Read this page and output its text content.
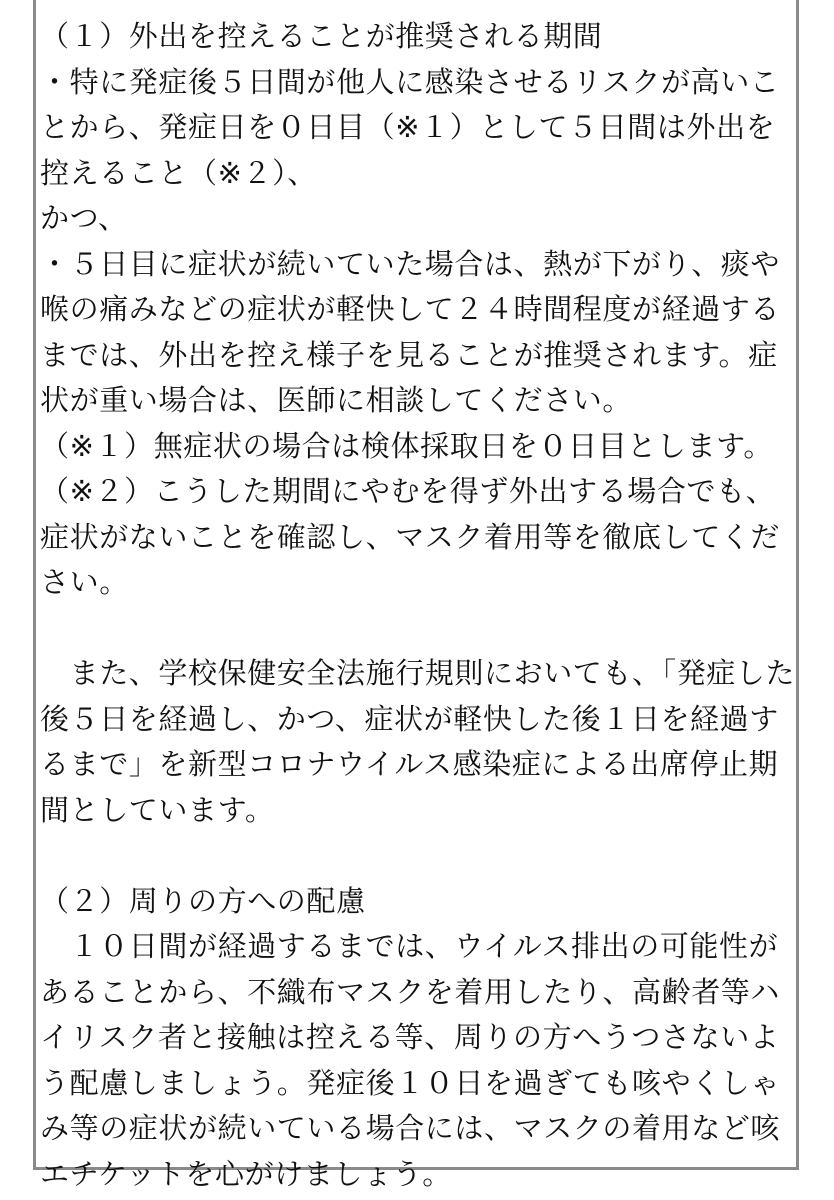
（１）外出を控えることが推奨される期間
・特に発症後５日間が他人に感染させるリスクが高いこ
とから、発症日を０日目（※１）として５日間は外出を
控えること（※２）、
かつ、
・５日目に症状が続いていた場合は、熱が下がり、痰や
喉の痛みなどの症状が軽快して２４時間程度が経過する
までは、外出を控え様子を見ることが推奨されます。症
状が重い場合は、医師に相談してください。
（※１）無症状の場合は検体採取日を０日目とします。
（※２）こうした期間にやむを得ず外出する場合でも、
症状がないことを確認し、マスク着用等を徹底してくだ
さい。
　また、学校保健安全法施行規則においても、「発症した
後５日を経過し、かつ、症状が軽快した後１日を経過す
るまで」を新型コロナウイルス感染症による出席停止期
間としています。
（２）周りの方への配慮
　１０日間が経過するまでは、ウイルス排出の可能性が
あることから、不織布マスクを着用したり、高齢者等ハ
イリスク者と接触は控える等、周りの方へうつさないよ
う配慮しましょう。発症後１０日を過ぎても咳やくしゃ
み等の症状が続いている場合には、マスクの着用など咳
エチケットを心がけましょう。
